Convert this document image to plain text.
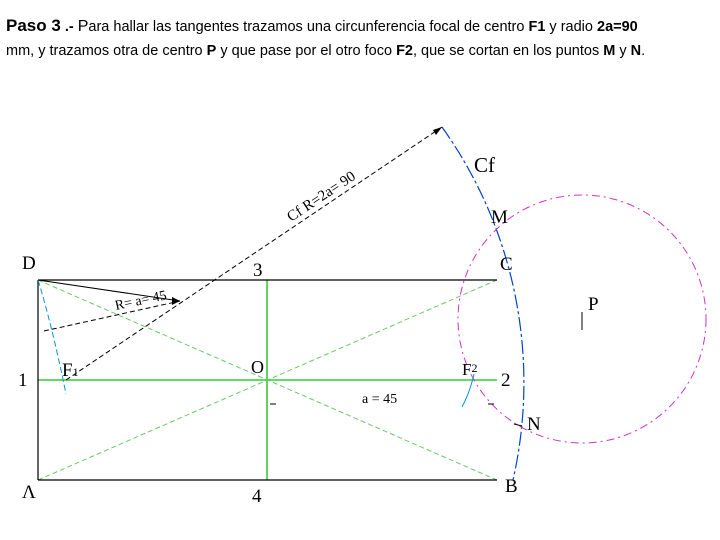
Paso 3 .- Para hallar las tangentes trazamos una circunferencia focal de centro F1 y radio 2a=90
mm, y trazamos otra de centro P y que pase por el otro foco F2, que se cortan en los puntos M y N.
D	C
Λ	B
1	2
3
4
O
F1	F2
M
N
P
Cf
Cf R=2a= 90
R= a= 45
a = 45
